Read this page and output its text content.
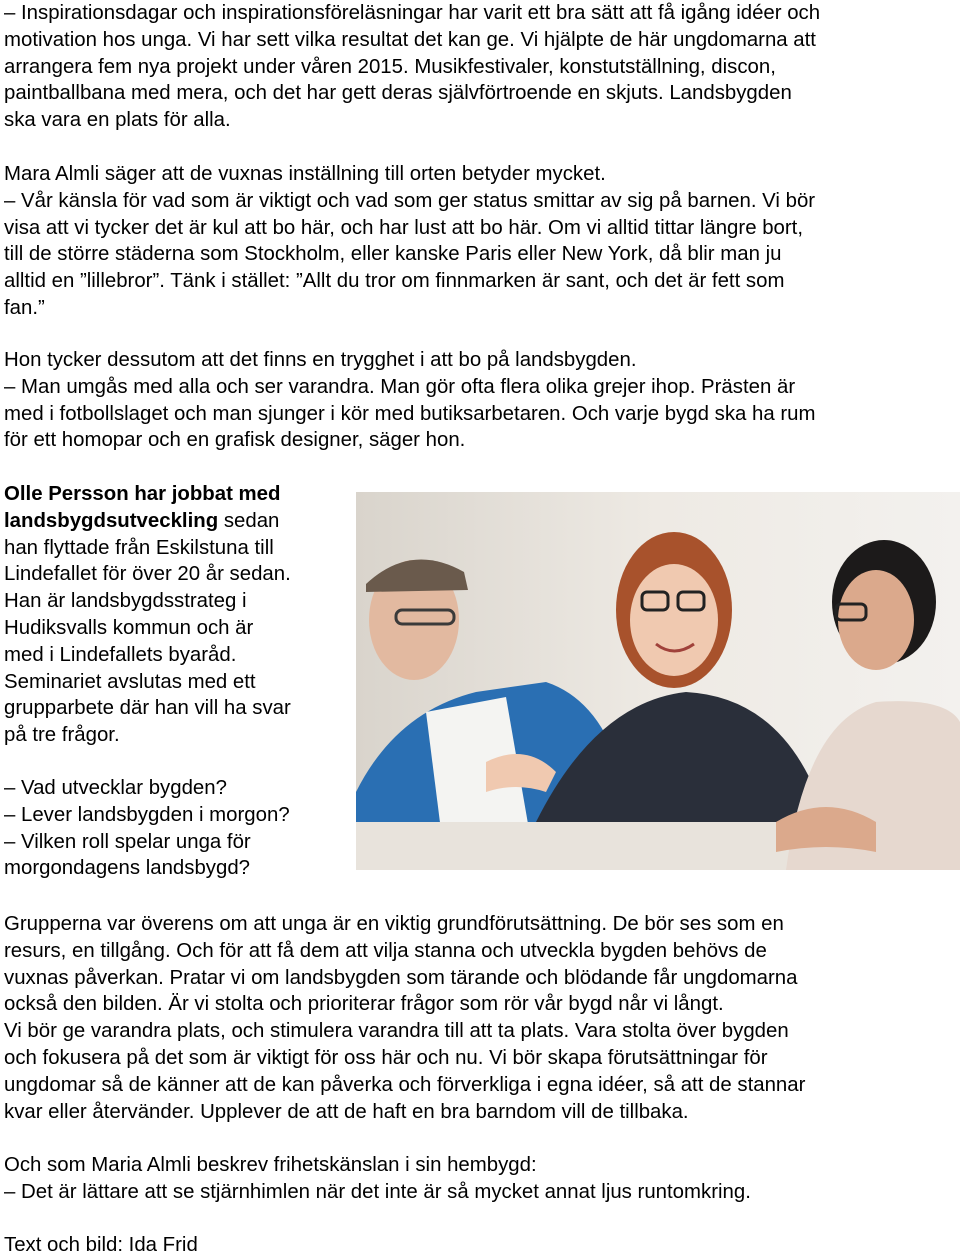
– Inspirationsdagar och inspirationsföreläsningar har varit ett bra sätt att få igång idéer och
motivation hos unga. Vi har sett vilka resultat det kan ge. Vi hjälpte de här ungdomarna att
arrangera fem nya projekt under våren 2015. Musikfestivaler, konstutställning, discon,
paintballbana med mera, och det har gett deras självförtroende en skjuts. Landsbygden
ska vara en plats för alla.
Mara Almli säger att de vuxnas inställning till orten betyder mycket.
– Vår känsla för vad som är viktigt och vad som ger status smittar av sig på barnen. Vi bör
visa att vi tycker det är kul att bo här, och har lust att bo här. Om vi alltid tittar längre bort,
till de större städerna som Stockholm, eller kanske Paris eller New York, då blir man ju
alltid en ”lillebror”. Tänk i stället: ”Allt du tror om finnmarken är sant, och det är fett som
fan.”
Hon tycker dessutom att det finns en trygghet i att bo på landsbygden.
– Man umgås med alla och ser varandra. Man gör ofta flera olika grejer ihop. Prästen är
med i fotbollslaget och man sjunger i kör med butiksarbetaren. Och varje bygd ska ha rum
för ett homopar och en grafisk designer, säger hon.
Olle Persson har jobbat med
landsbygdsutveckling sedan
han flyttade från Eskilstuna till
Lindefallet för över 20 år sedan.
Han är landsbygdsstrateg i
Hudiksvalls kommun och är
med i Lindefallets byaråd.
Seminariet avslutas med ett
grupparbete där han vill ha svar
på tre frågor.
– Vad utvecklar bygden?
– Lever landsbygden i morgon?
– Vilken roll spelar unga för
morgondagens landsbygd?
Grupperna var överens om att unga är en viktig grundförutsättning. De bör ses som en
resurs, en tillgång. Och för att få dem att vilja stanna och utveckla bygden behövs de
vuxnas påverkan. Pratar vi om landsbygden som tärande och blödande får ungdomarna
också den bilden. Är vi stolta och prioriterar frågor som rör vår bygd når vi långt.
Vi bör ge varandra plats, och stimulera varandra till att ta plats. Vara stolta över bygden
och fokusera på det som är viktigt för oss här och nu. Vi bör skapa förutsättningar för
ungdomar så de känner att de kan påverka och förverkliga i egna idéer, så att de stannar
kvar eller återvänder. Upplever de att de haft en bra barndom vill de tillbaka.
Och som Maria Almli beskrev frihetskänslan i sin hembygd:
– Det är lättare att se stjärnhimlen när det inte är så mycket annat ljus runtomkring.
Text och bild: Ida Frid
